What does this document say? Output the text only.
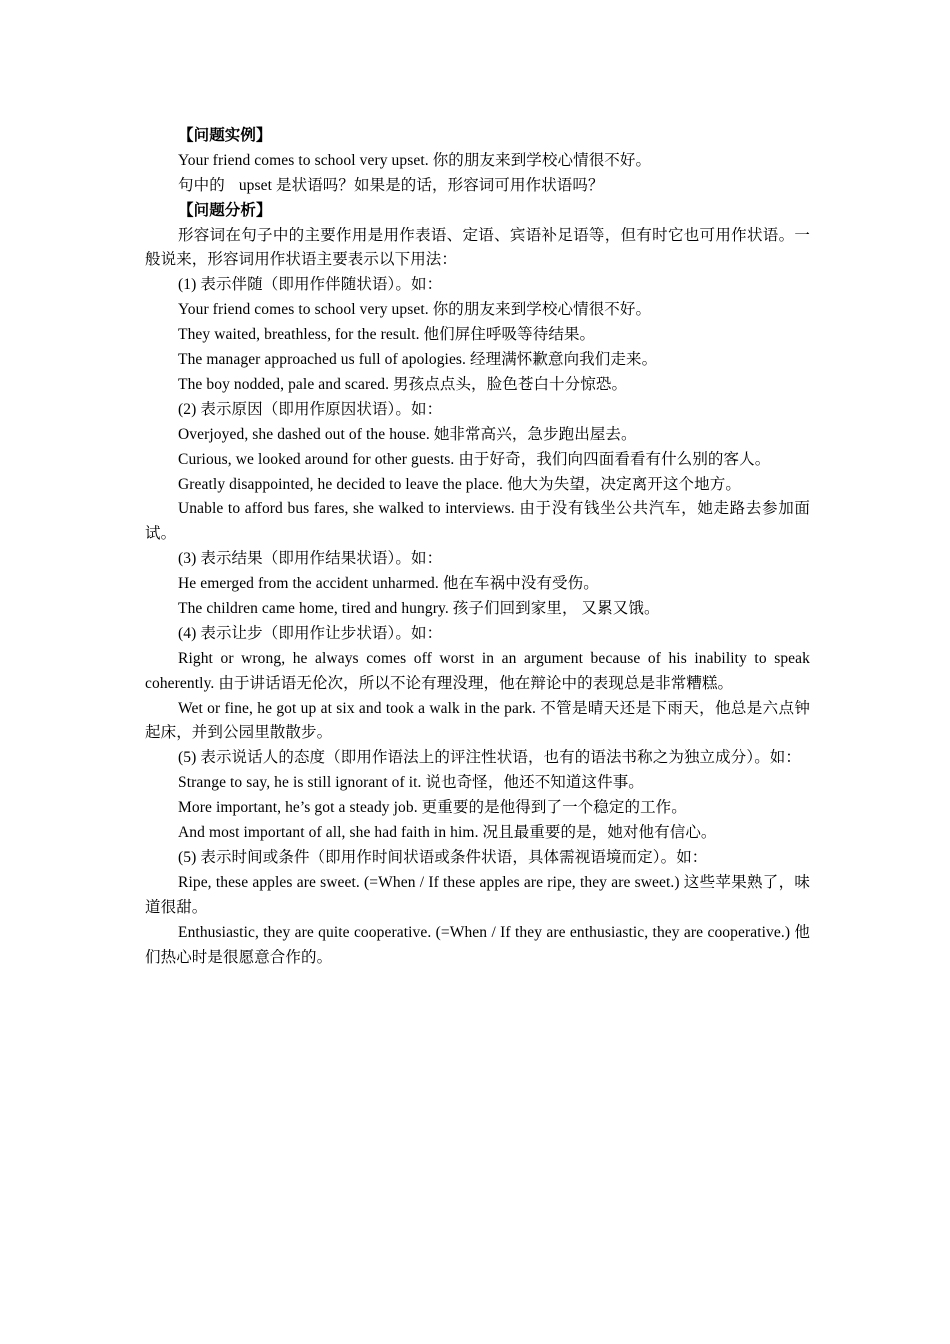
【问题实例】
Your friend comes to school very upset. 你的朋友来到学校心情很不好。
句中的 upset 是状语吗？如果是的话，形容词可用作状语吗？
【问题分析】
形容词在句子中的主要作用是用作表语、定语、宾语补足语等，但有时它也可用作状语。一般说来，形容词用作状语主要表示以下用法：
(1) 表示伴随（即用作伴随状语）。如：
Your friend comes to school very upset. 你的朋友来到学校心情很不好。
They waited, breathless, for the result. 他们屏住呼吸等待结果。
The manager approached us full of apologies. 经理满怀歉意向我们走来。
The boy nodded, pale and scared. 男孩点点头，脸色苍白十分惊恐。
(2) 表示原因（即用作原因状语）。如：
Overjoyed, she dashed out of the house. 她非常高兴，急步跑出屋去。
Curious, we looked around for other guests. 由于好奇，我们向四面看看有什么别的客人。
Greatly disappointed, he decided to leave the place. 他大为失望，决定离开这个地方。
Unable to afford bus fares, she walked to interviews. 由于没有钱坐公共汽车，她走路去参加面试。
(3) 表示结果（即用作结果状语）。如：
He emerged from the accident unharmed. 他在车祸中没有受伤。
The children came home, tired and hungry. 孩子们回到家里， 又累又饿。
(4) 表示让步（即用作让步状语）。如：
Right or wrong, he always comes off worst in an argument because of his inability to speak coherently. 由于讲话语无伦次，所以不论有理没理，他在辩论中的表现总是非常糟糕。
Wet or fine, he got up at six and took a walk in the park. 不管是晴天还是下雨天，他总是六点钟起床，并到公园里散散步。
(5) 表示说话人的态度（即用作语法上的评注性状语，也有的语法书称之为独立成分）。如：
Strange to say, he is still ignorant of it. 说也奇怪，他还不知道这件事。
More important, he’s got a steady job. 更重要的是他得到了一个稳定的工作。
And most important of all, she had faith in him. 况且最重要的是，她对他有信心。
(5) 表示时间或条件（即用作时间状语或条件状语，具体需视语境而定）。如：
Ripe, these apples are sweet. (=When / If these apples are ripe, they are sweet.) 这些苹果熟了，味道很甜。
Enthusiastic, they are quite cooperative. (=When / If they are enthusiastic, they are cooperative.) 他们热心时是很愿意合作的。
